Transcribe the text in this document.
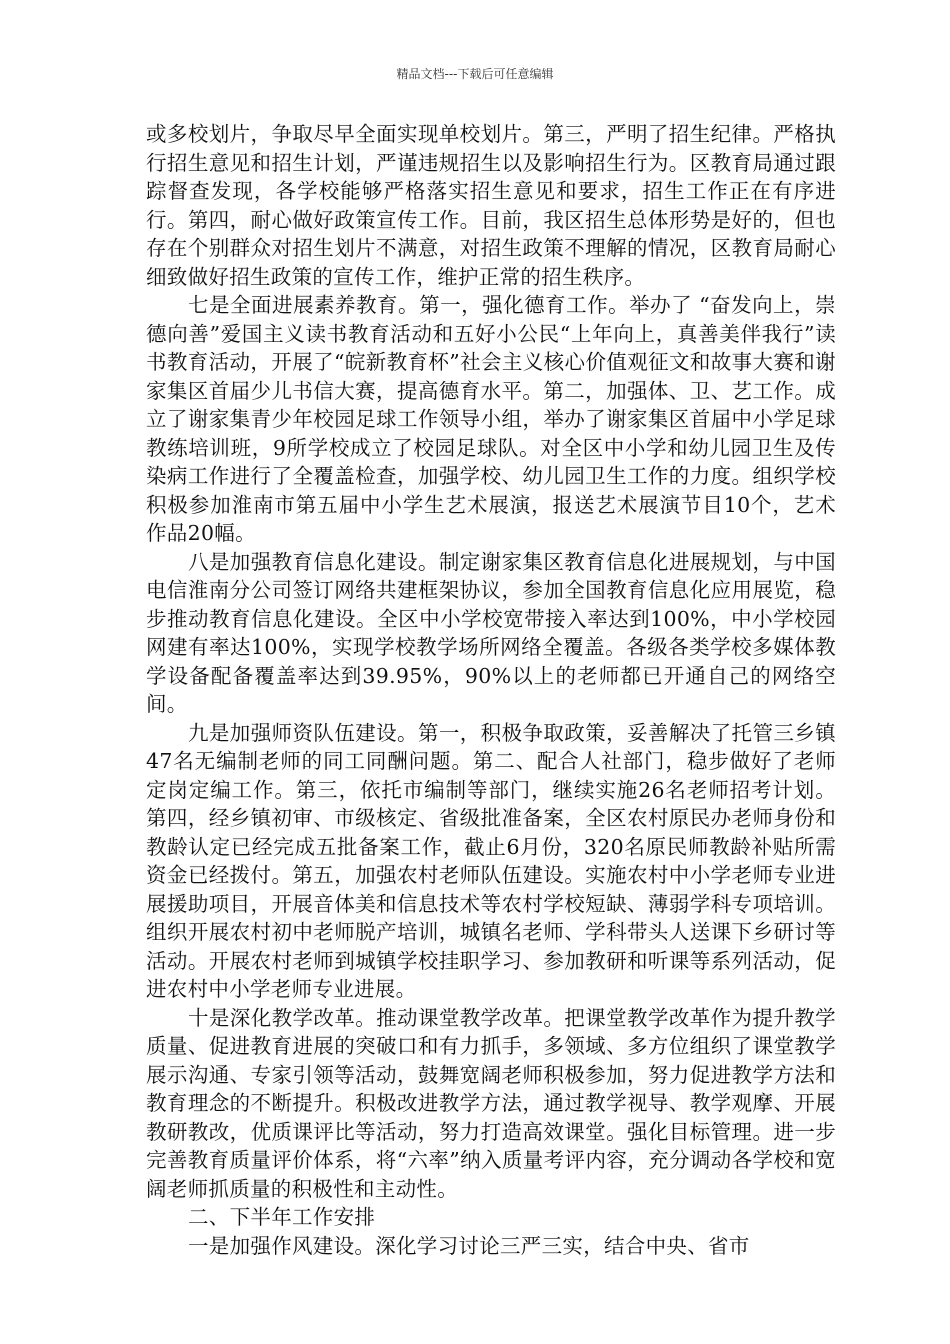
精品文档---下载后可任意编辑

或多校划片，争取尽早全面实现单校划片。第三，严明了招生纪律。严格执行招生意见和招生计划，严谨违规招生以及影响招生行为。区教育局通过跟踪督查发现，各学校能够严格落实招生意见和要求，招生工作正在有序进行。第四，耐心做好政策宣传工作。目前，我区招生总体形势是好的，但也存在个别群众对招生划片不满意，对招生政策不理解的情况，区教育局耐心细致做好招生政策的宣传工作，维护正常的招生秩序。

七是全面进展素养教育。第一，强化德育工作。举办了 “奋发向上，崇德向善”爱国主义读书教育活动和五好小公民“上年向上，真善美伴我行”读书教育活动，开展了“皖新教育杯”社会主义核心价值观征文和故事大赛和谢家集区首届少儿书信大赛，提高德育水平。第二，加强体、卫、艺工作。成立了谢家集青少年校园足球工作领导小组，举办了谢家集区首届中小学足球教练培训班，9所学校成立了校园足球队。对全区中小学和幼儿园卫生及传染病工作进行了全覆盖检查，加强学校、幼儿园卫生工作的力度。组织学校积极参加淮南市第五届中小学生艺术展演，报送艺术展演节目10个，艺术作品20幅。

八是加强教育信息化建设。制定谢家集区教育信息化进展规划，与中国电信淮南分公司签订网络共建框架协议，参加全国教育信息化应用展览，稳步推动教育信息化建设。全区中小学校宽带接入率达到100%，中小学校园网建有率达100%，实现学校教学场所网络全覆盖。各级各类学校多媒体教学设备配备覆盖率达到39.95%，90%以上的老师都已开通自己的网络空间。

九是加强师资队伍建设。第一，积极争取政策，妥善解决了托管三乡镇47名无编制老师的同工同酬问题。第二、配合人社部门，稳步做好了老师定岗定编工作。第三，依托市编制等部门，继续实施26名老师招考计划。第四，经乡镇初审、市级核定、省级批准备案，全区农村原民办老师身份和教龄认定已经完成五批备案工作，截止6月份，320名原民师教龄补贴所需资金已经拨付。第五，加强农村老师队伍建设。实施农村中小学老师专业进展援助项目，开展音体美和信息技术等农村学校短缺、薄弱学科专项培训。组织开展农村初中老师脱产培训，城镇名老师、学科带头人送课下乡研讨等活动。开展农村老师到城镇学校挂职学习、参加教研和听课等系列活动，促进农村中小学老师专业进展。

十是深化教学改革。推动课堂教学改革。把课堂教学改革作为提升教学质量、促进教育进展的突破口和有力抓手，多领域、多方位组织了课堂教学展示沟通、专家引领等活动，鼓舞宽阔老师积极参加，努力促进教学方法和教育理念的不断提升。积极改进教学方法，通过教学视导、教学观摩、开展教研教改，优质课评比等活动，努力打造高效课堂。强化目标管理。进一步完善教育质量评价体系，将“六率”纳入质量考评内容，充分调动各学校和宽阔老师抓质量的积极性和主动性。

二、下半年工作安排

一是加强作风建设。深化学习讨论三严三实，结合中央、省市
